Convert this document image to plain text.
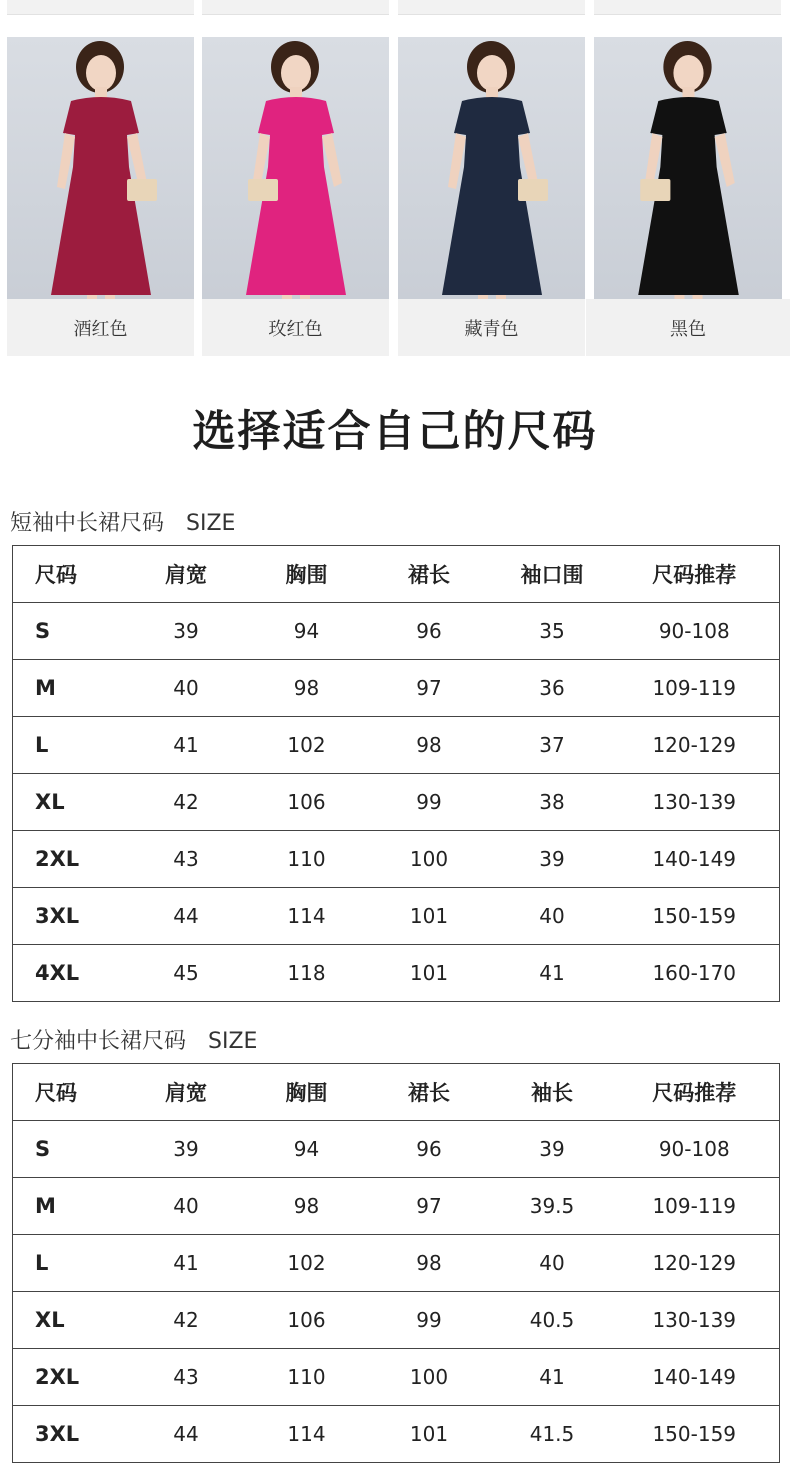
酒红色	玫红色	藏青色	黑色
选择适合自己的尺码
短袖中长裙尺码 SIZE
尺码	肩宽	胸围	裙长	袖口围	尺码推荐
S	39	94	96	35	90-108
M	40	98	97	36	109-119
L	41	102	98	37	120-129
XL	42	106	99	38	130-139
2XL	43	110	100	39	140-149
3XL	44	114	101	40	150-159
4XL	45	118	101	41	160-170
七分袖中长裙尺码 SIZE
尺码	肩宽	胸围	裙长	袖长	尺码推荐
S	39	94	96	39	90-108
M	40	98	97	39.5	109-119
L	41	102	98	40	120-129
XL	42	106	99	40.5	130-139
2XL	43	110	100	41	140-149
3XL	44	114	101	41.5	150-159
